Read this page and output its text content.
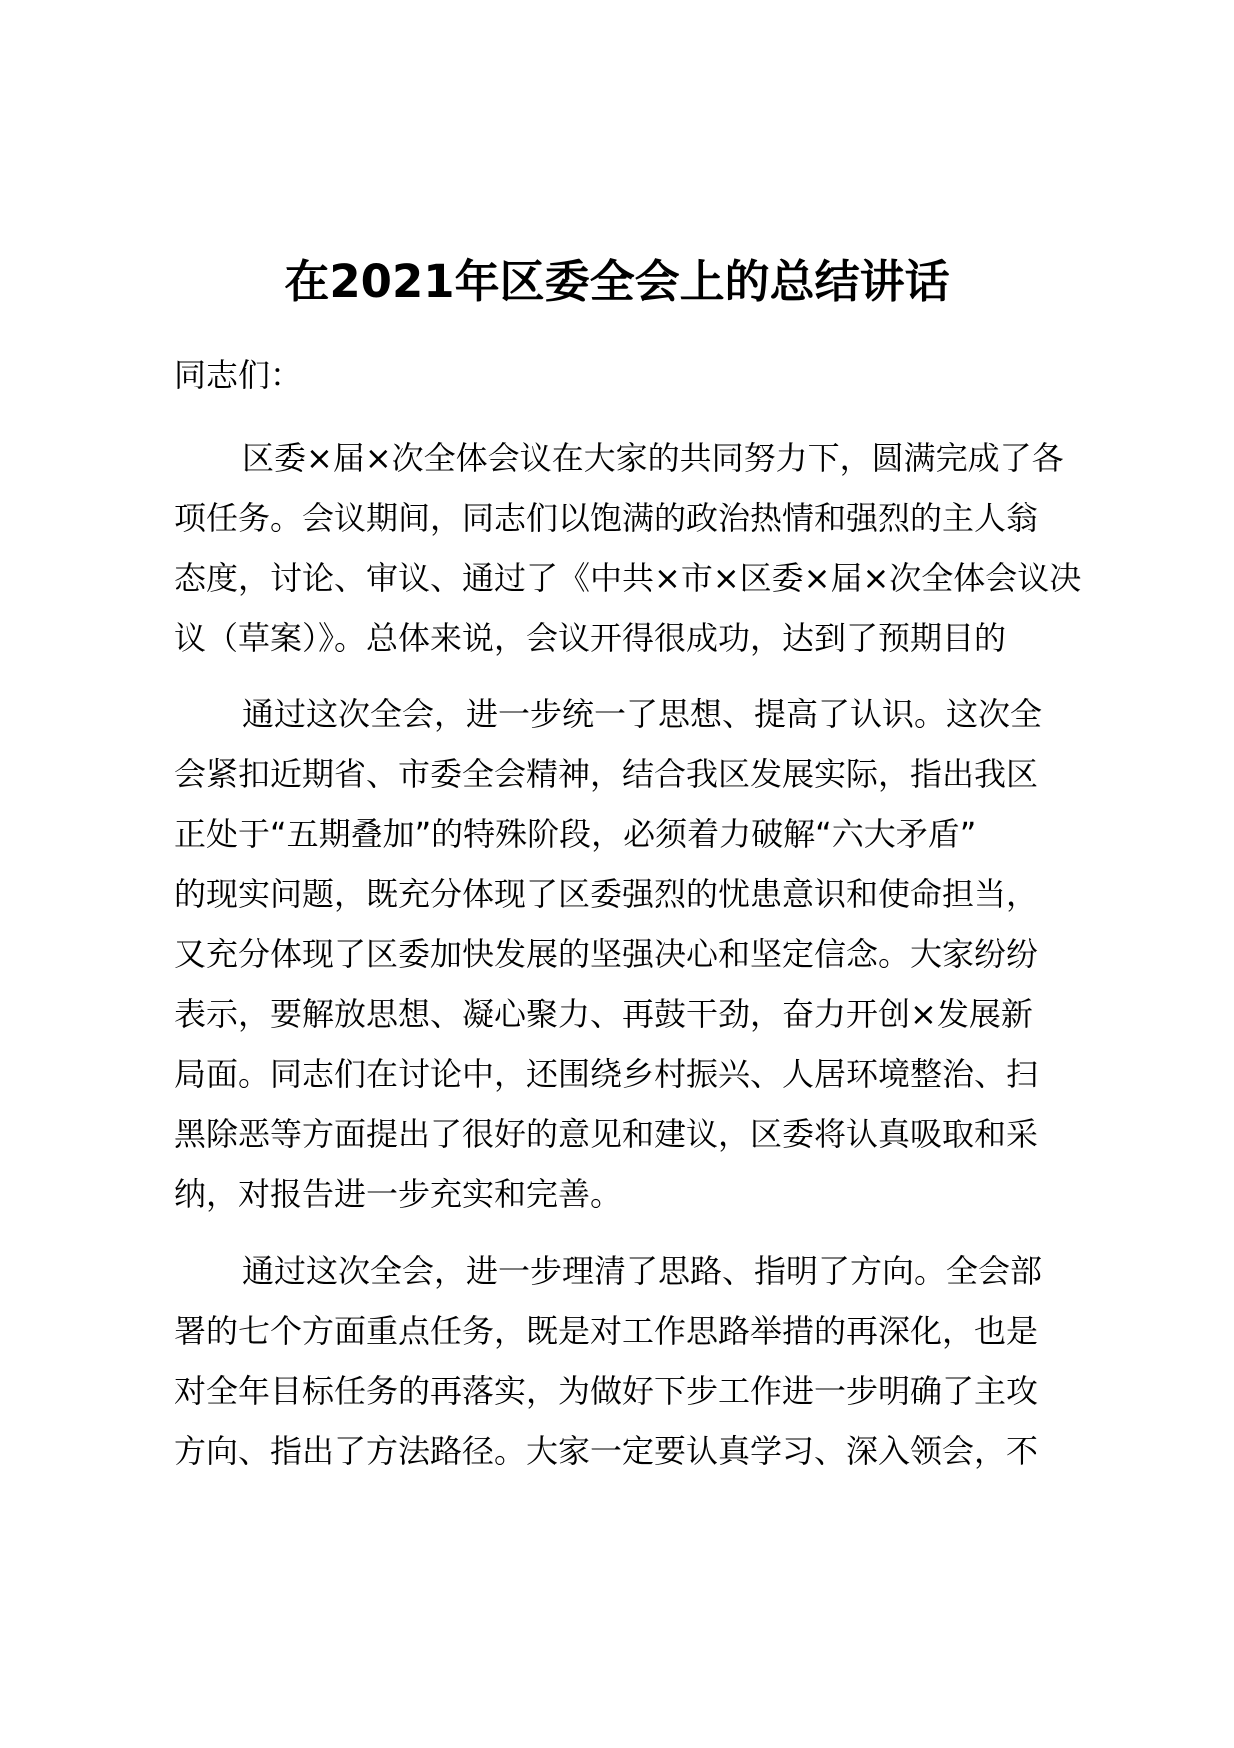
在2021年区委全会上的总结讲话
同志们：
区委×届×次全体会议在大家的共同努力下，圆满完成了各
项任务。会议期间，同志们以饱满的政治热情和强烈的主人翁
态度，讨论、审议、通过了《中共×市×区委×届×次全体会议决
议（草案）》。总体来说，会议开得很成功，达到了预期目的
通过这次全会，进一步统一了思想、提高了认识。这次全
会紧扣近期省、市委全会精神，结合我区发展实际，指出我区
正处于“五期叠加”的特殊阶段，必须着力破解“六大矛盾”
的现实问题，既充分体现了区委强烈的忧患意识和使命担当，
又充分体现了区委加快发展的坚强决心和坚定信念。大家纷纷
表示，要解放思想、凝心聚力、再鼓干劲，奋力开创×发展新
局面。同志们在讨论中，还围绕乡村振兴、人居环境整治、扫
黑除恶等方面提出了很好的意见和建议，区委将认真吸取和采
纳，对报告进一步充实和完善。
通过这次全会，进一步理清了思路、指明了方向。全会部
署的七个方面重点任务，既是对工作思路举措的再深化，也是
对全年目标任务的再落实，为做好下步工作进一步明确了主攻
方向、指出了方法路径。大家一定要认真学习、深入领会，不
